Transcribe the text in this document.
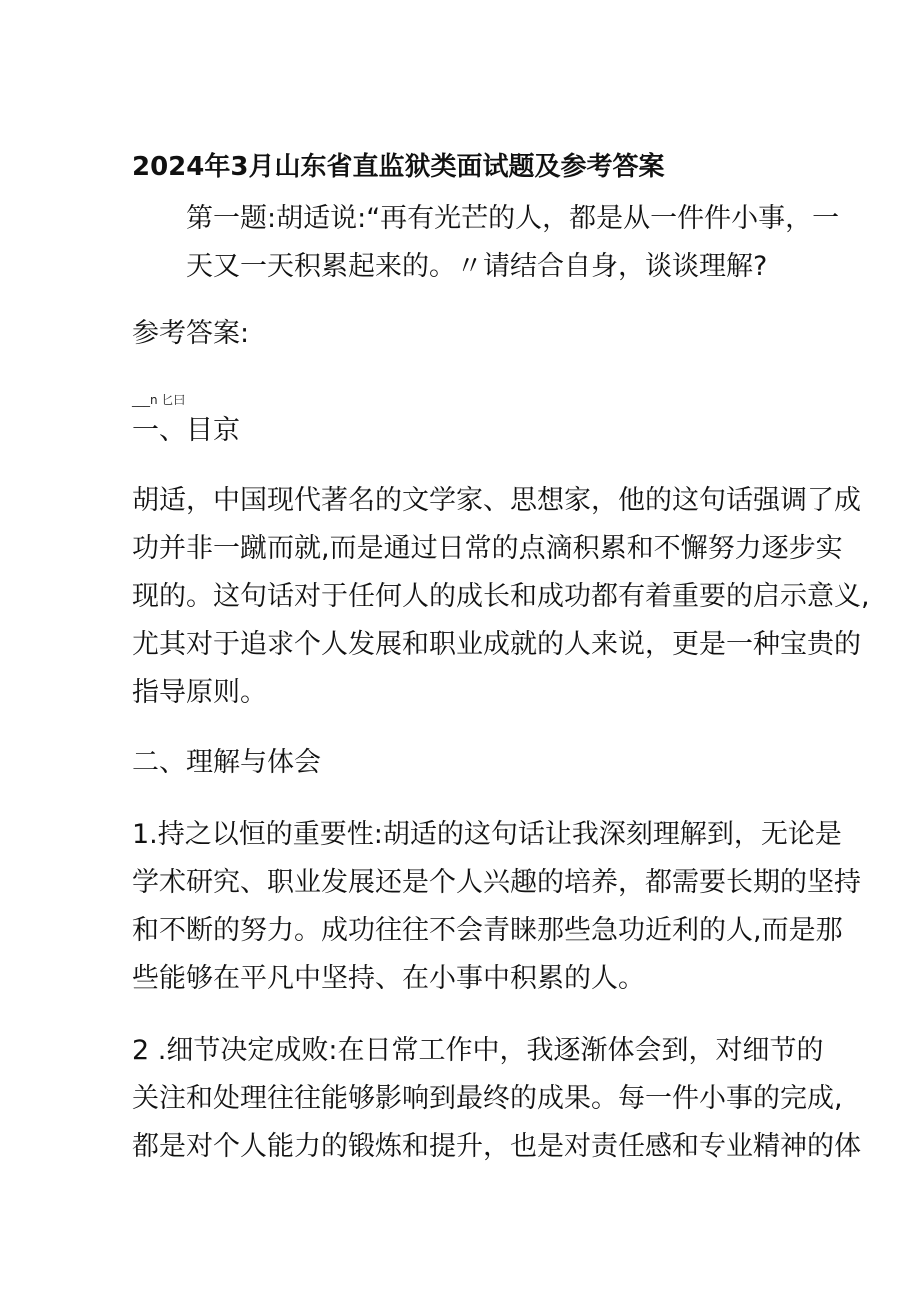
2024年3月山东省直监狱类面试题及参考答案
第一题:胡适说:“再有光芒的人，都是从一件件小事，一
天又一天积累起来的。〃请结合自身，谈谈理解?
参考答案:
___n 匕曰
一、目京
胡适，中国现代著名的文学家、思想家，他的这句话强调了成
功并非一蹴而就,而是通过日常的点滴积累和不懈努力逐步实
现的。这句话对于任何人的成长和成功都有着重要的启示意义,
尤其对于追求个人发展和职业成就的人来说，更是一种宝贵的
指导原则。
二、理解与体会
1.持之以恒的重要性:胡适的这句话让我深刻理解到，无论是
学术研究、职业发展还是个人兴趣的培养，都需要长期的坚持
和不断的努力。成功往往不会青睐那些急功近利的人,而是那
些能够在平凡中坚持、在小事中积累的人。
2 .细节决定成败:在日常工作中，我逐渐体会到，对细节的
关注和处理往往能够影响到最终的成果。每一件小事的完成,
都是对个人能力的锻炼和提升，也是对责任感和专业精神的体
